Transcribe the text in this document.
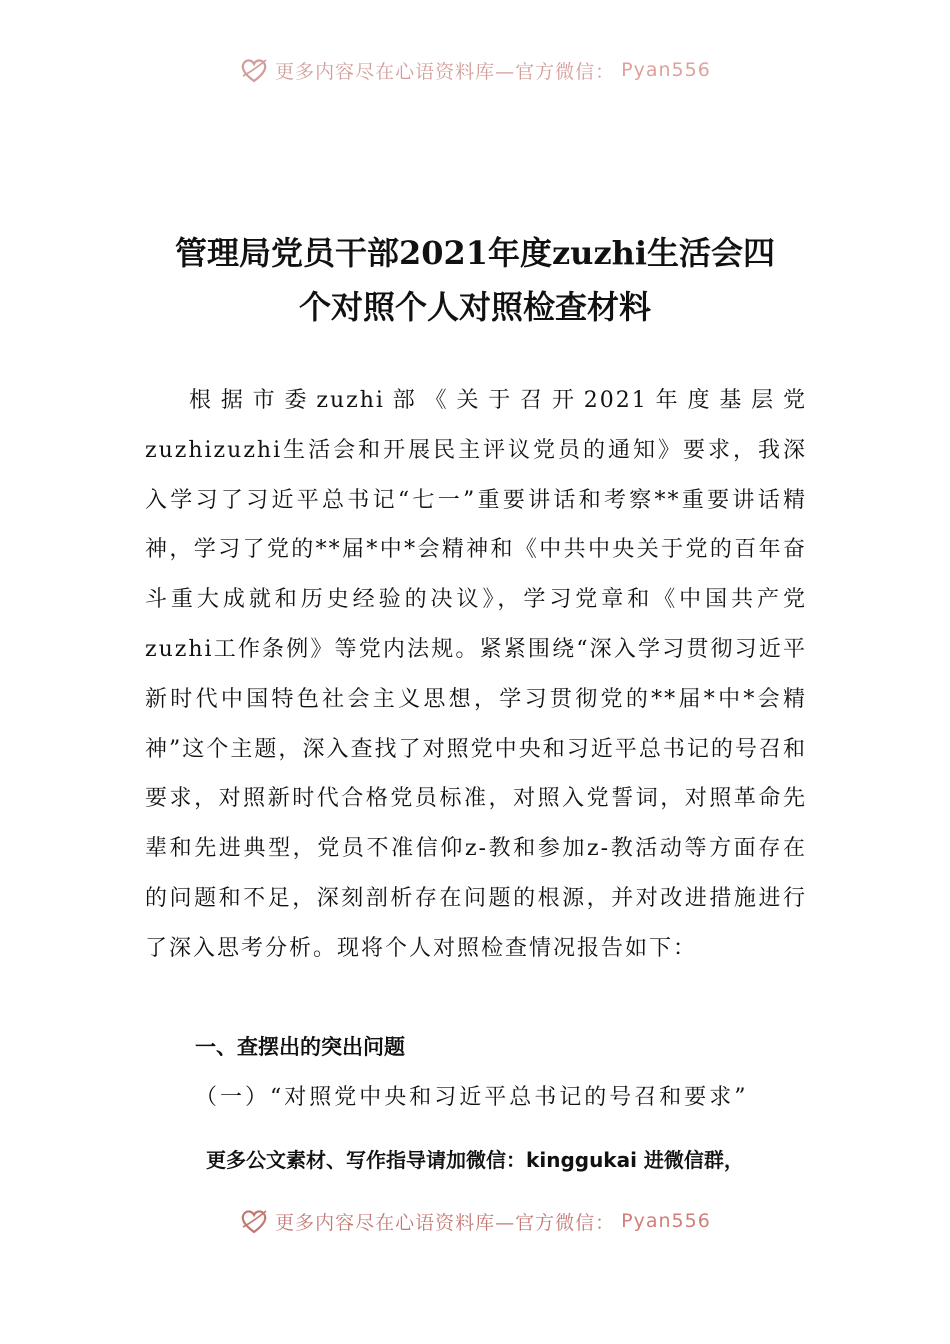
更多内容尽在心语资料库—官方微信： Pyan556
管理局党员干部2021年度zuzhi生活会四
个对照个人对照检查材料

根据市委zuzhi部《关于召开2021年度基层党zuzhizuzhi生活会和开展民主评议党员的通知》要求，我深入学习了习近平总书记“七一”重要讲话和考察**重要讲话精神，学习了党的**届*中*会精神和《中共中央关于党的百年奋斗重大成就和历史经验的决议》，学习党章和《中国共产党zuzhi工作条例》等党内法规。紧紧围绕“深入学习贯彻习近平新时代中国特色社会主义思想，学习贯彻党的**届*中*会精神”这个主题，深入查找了对照党中央和习近平总书记的号召和要求，对照新时代合格党员标准，对照入党誓词，对照革命先辈和先进典型，党员不准信仰z-教和参加z-教活动等方面存在的问题和不足，深刻剖析存在问题的根源，并对改进措施进行了深入思考分析。现将个人对照检查情况报告如下：

一、查摆出的突出问题
（一）“对照党中央和习近平总书记的号召和要求”
更多公文素材、写作指导请加微信：kinggukai 进微信群，
更多内容尽在心语资料库—官方微信： Pyan556
